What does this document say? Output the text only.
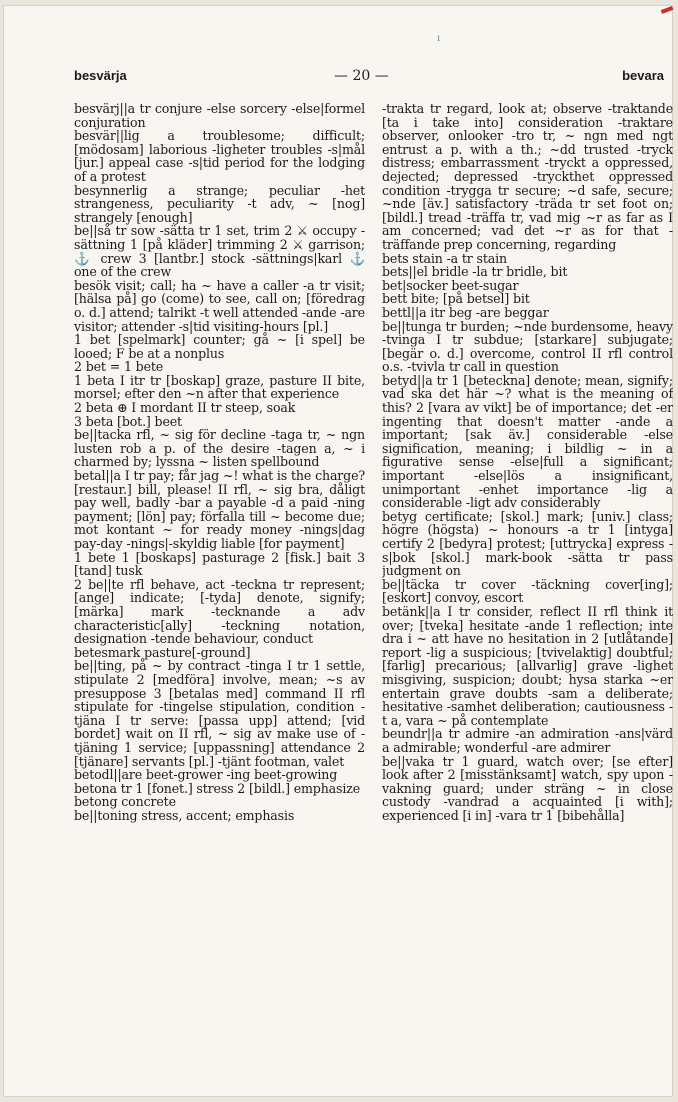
ı
besvärja	— 20 —	bevara

besvärj||a tr conjure -else sorcery -else|formel conjuration

besvär||lig a troublesome; difficult; [mödosam] laborious -ligheter troubles -s|mål [jur.] appeal case -s|tid period for the lodging of a protest

besynnerlig a strange; peculiar -het strangeness, peculiarity -t adv, ~ [nog] strangely [enough]

be||så tr sow -sätta tr 1 set, trim 2 ⚔ occupy -sättning 1 [på kläder] trimming 2 ⚔ garrison; ⚓ crew 3 [lantbr.] stock -sättnings|karl ⚓ one of the crew

besök visit; call; ha ~ have a caller -a tr visit; [hälsa på] go (come) to see, call on; [föredrag o. d.] attend; talrikt -t well attended -ande -are visitor; attender -s|tid visiting-hours [pl.]

1 bet [spelmark] counter; gå ~ [i spel] be looed; F be at a nonplus

2 bet = 1 bete

1 beta I itr tr [boskap] graze, pasture II bite, morsel; efter den ~n after that experience

2 beta ⊕ I mordant II tr steep, soak

3 beta [bot.] beet

be||tacka rfl, ~ sig för decline -taga tr, ~ ngn lusten rob a p. of the desire -tagen a, ~ i charmed by; lyssna ~ listen spellbound

betal||a I tr pay; får jag ~! what is the charge? [restaur.] bill, please! II rfl, ~ sig bra, dåligt pay well, badly -bar a payable -d a paid -ning payment; [lön] pay; förfalla till ~ become due; mot kontant ~ for ready money -nings|dag pay-day -nings|-skyldig liable [for payment]

1 bete 1 [boskaps] pasturage 2 [fisk.] bait 3 [tand] tusk

2 be||te rfl behave, act -teckna tr represent; [ange] indicate; [-tyda] denote, signify; [märka] mark -tecknande a adv characteristic[ally] -teckning notation, designation -tende behaviour, conduct

betesmark pasture[-ground]

be||ting, på ~ by contract -tinga I tr 1 settle, stipulate 2 [medföra] involve, mean; ~s av presuppose 3 [betalas med] command II rfl stipulate for -tingelse stipulation, condition -tjäna I tr serve: [passa upp] attend; [vid bordet] wait on II rfl, ~ sig av make use of -tjäning 1 service; [uppassning] attendance 2 [tjänare] servants [pl.] -tjänt footman, valet

betodl||are beet-grower -ing beet-growing

betona tr 1 [fonet.] stress 2 [bildl.] emphasize

betong concrete

be||toning stress, accent; emphasis

-trakta tr regard, look at; observe -traktande [ta i take into] consideration -traktare observer, onlooker -tro tr, ~ ngn med ngt entrust a p. with a th.; ~dd trusted -tryck distress; embarrassment -tryckt a oppressed, dejected; depressed -tryckthet oppressed condition -trygga tr secure; ~d safe, secure; ~nde [äv.] satisfactory -träda tr set foot on; [bildl.] tread -träffa tr, vad mig ~r as far as I am concerned; vad det ~r as for that -träffande prep concerning, regarding

bets stain -a tr stain

bets||el bridle -la tr bridle, bit

bet|socker beet-sugar

bett bite; [på betsel] bit

bettl||a itr beg -are beggar

be||tunga tr burden; ~nde burdensome, heavy -tvinga I tr subdue; [starkare] subjugate; [begär o. d.] overcome, control II rfl control o.s. -tvivla tr call in question

betyd||a tr 1 [beteckna] denote; mean, signify; vad ska det här ~? what is the meaning of this? 2 [vara av vikt] be of importance; det -er ingenting that doesn't matter -ande a important; [sak äv.] considerable -else signification, meaning; i bildlig ~ in a figurative sense -else|full a significant; important -else|lös a insignificant, unimportant -enhet importance -lig a considerable -ligt adv considerably

betyg certificate; [skol.] mark; [univ.] class; högre (högsta) ~ honours -a tr 1 [intyga] certify 2 [bedyra] protest; [uttrycka] express -s|bok [skol.] mark-book -sätta tr pass judgment on

be||täcka tr cover -täckning cover[ing]; [eskort] convoy, escort

betänk||a I tr consider, reflect II rfl think it over; [tveka] hesitate -ande 1 reflection; inte dra i ~ att have no hesitation in 2 [utlåtande] report -lig a suspicious; [tvivelaktig] doubtful; [farlig] precarious; [allvarlig] grave -lighet misgiving, suspicion; doubt; hysa starka ~er entertain grave doubts -sam a deliberate; hesitative -samhet deliberation; cautiousness -t a, vara ~ på contemplate

beundr||a tr admire -an admiration -ans|värd a admirable; wonderful -are admirer

be||vaka tr 1 guard, watch over; [se efter] look after 2 [misstänksamt] watch, spy upon -vakning guard; under sträng ~ in close custody -vandrad a acquainted [i with]; experienced [i in] -vara tr 1 [bibehålla]
